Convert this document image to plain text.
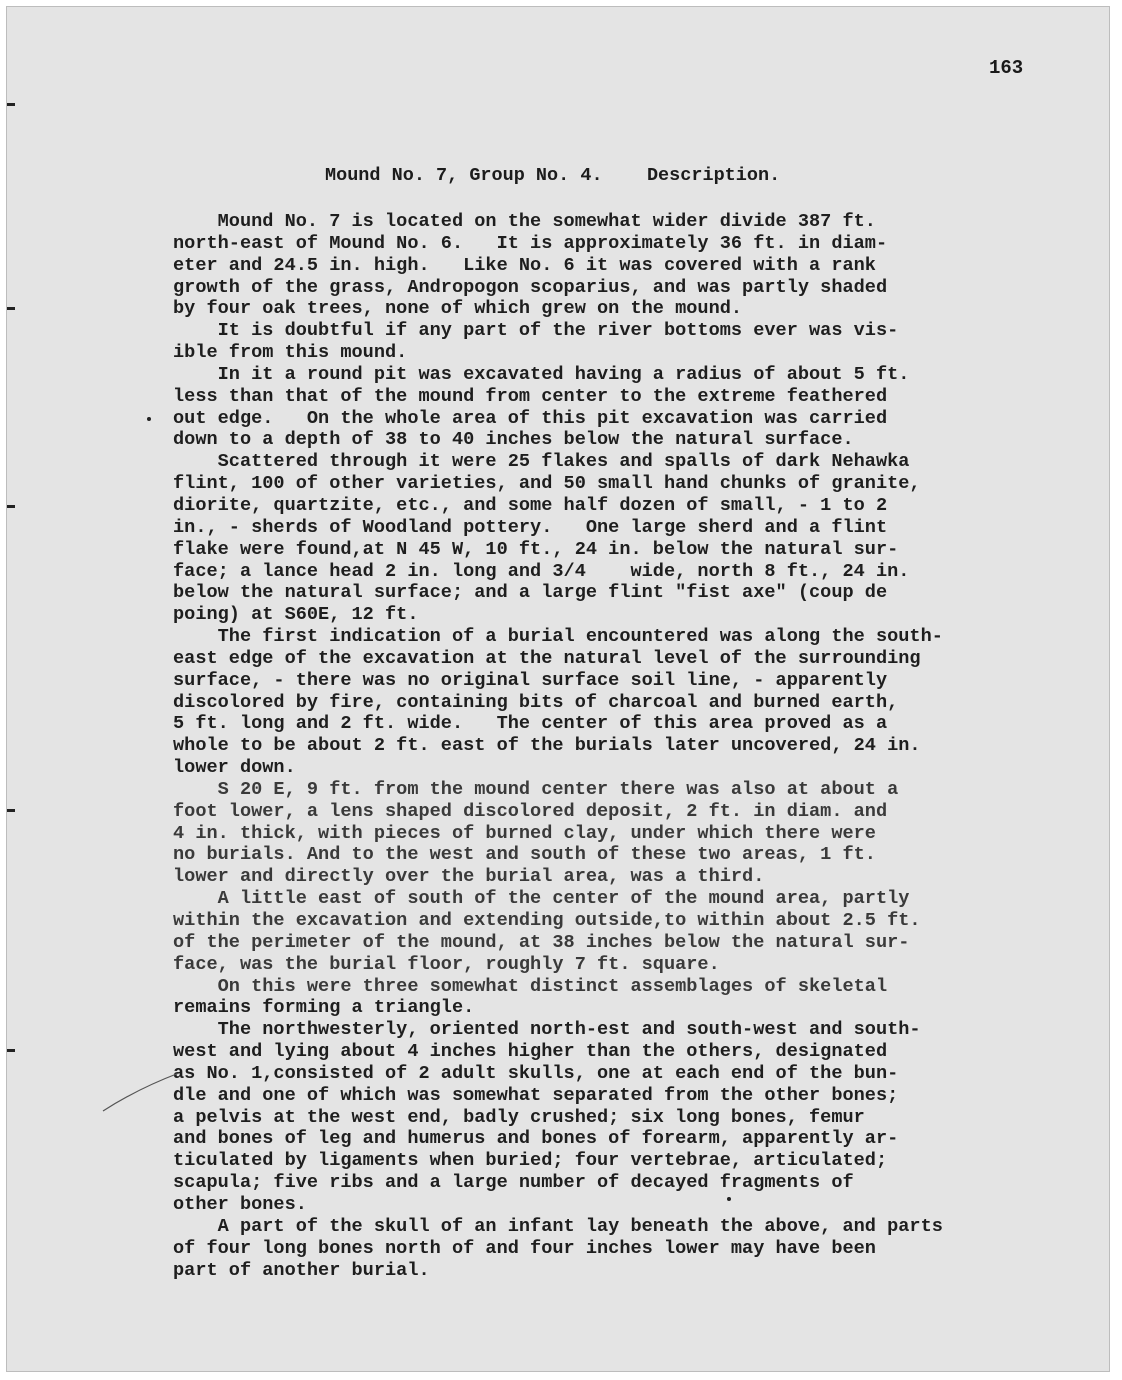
163
Mound No. 7, Group No. 4.    Description.
Mound No. 7 is located on the somewhat wider divide 387 ft.
north-east of Mound No. 6.   It is approximately 36 ft. in diam-
eter and 24.5 in. high.   Like No. 6 it was covered with a rank
growth of the grass, Andropogon scoparius, and was partly shaded
by four oak trees, none of which grew on the mound.
It is doubtful if any part of the river bottoms ever was vis-
ible from this mound.
In it a round pit was excavated having a radius of about 5 ft.
less than that of the mound from center to the extreme feathered
out edge.   On the whole area of this pit excavation was carried
down to a depth of 38 to 40 inches below the natural surface.
Scattered through it were 25 flakes and spalls of dark Nehawka
flint, 100 of other varieties, and 50 small hand chunks of granite,
diorite, quartzite, etc., and some half dozen of small, - 1 to 2
in., - sherds of Woodland pottery.   One large sherd and a flint
flake were found,at N 45 W, 10 ft., 24 in. below the natural sur-
face; a lance head 2 in. long and 3/4    wide, north 8 ft., 24 in.
below the natural surface; and a large flint "fist axe" (coup de
poing) at S60E, 12 ft.
The first indication of a burial encountered was along the south-
east edge of the excavation at the natural level of the surrounding
surface, - there was no original surface soil line, - apparently
discolored by fire, containing bits of charcoal and burned earth,
5 ft. long and 2 ft. wide.   The center of this area proved as a
whole to be about 2 ft. east of the burials later uncovered, 24 in.
lower down.
S 20 E, 9 ft. from the mound center there was also at about a
foot lower, a lens shaped discolored deposit, 2 ft. in diam. and
4 in. thick, with pieces of burned clay, under which there were
no burials. And to the west and south of these two areas, 1 ft.
lower and directly over the burial area, was a third.
A little east of south of the center of the mound area, partly
within the excavation and extending outside,to within about 2.5 ft.
of the perimeter of the mound, at 38 inches below the natural sur-
face, was the burial floor, roughly 7 ft. square.
On this were three somewhat distinct assemblages of skeletal
remains forming a triangle.
The northwesterly, oriented north-est and south-west and south-
west and lying about 4 inches higher than the others, designated
as No. 1,consisted of 2 adult skulls, one at each end of the bun-
dle and one of which was somewhat separated from the other bones;
a pelvis at the west end, badly crushed; six long bones, femur
and bones of leg and humerus and bones of forearm, apparently ar-
ticulated by ligaments when buried; four vertebrae, articulated;
scapula; five ribs and a large number of decayed fragments of
other bones.
A part of the skull of an infant lay beneath the above, and parts
of four long bones north of and four inches lower may have been
part of another burial.
